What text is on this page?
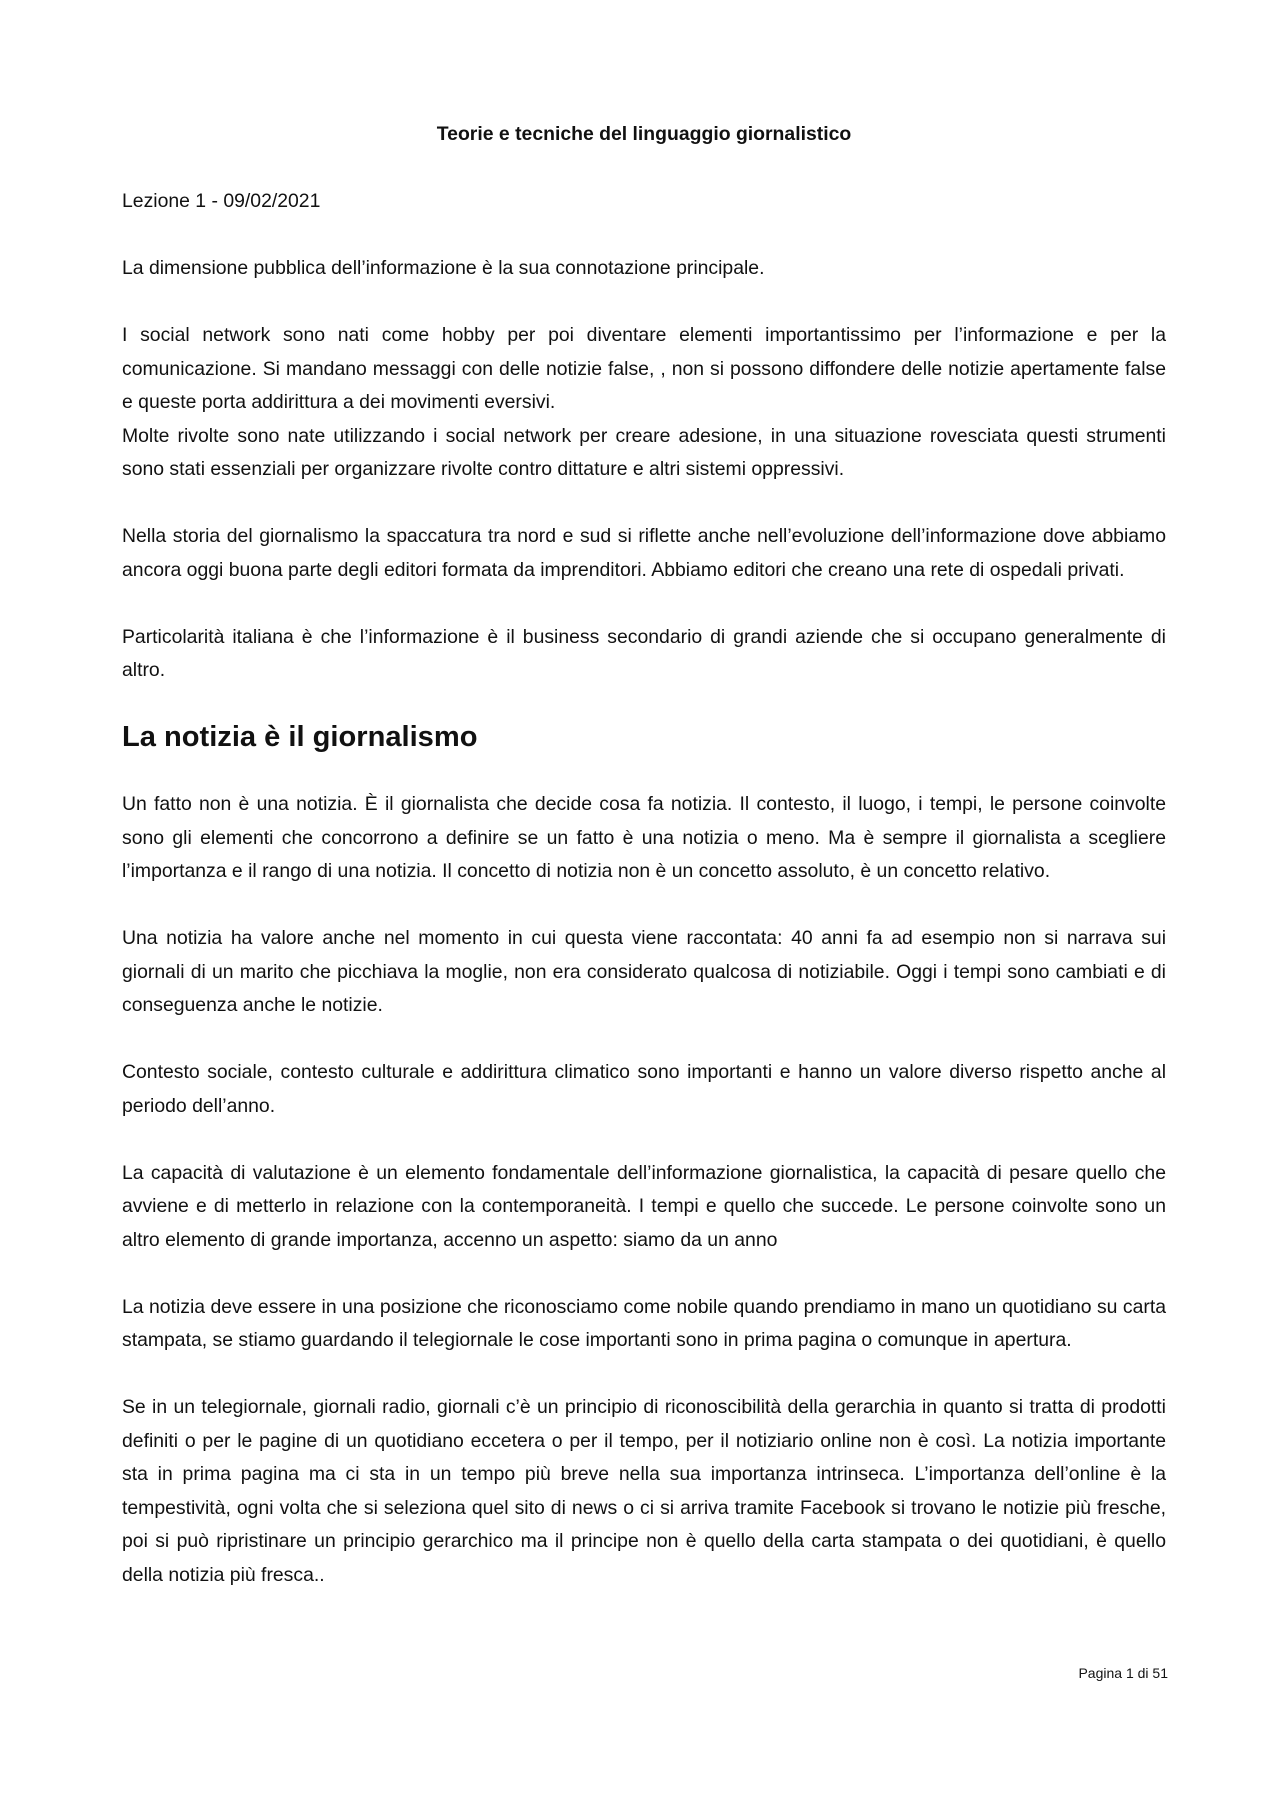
Teorie e tecniche del linguaggio giornalistico

Lezione 1 - 09/02/2021

La dimensione pubblica dell’informazione è la sua connotazione principale.

I social network sono nati come hobby per poi diventare elementi importantissimo per l’informazione e per la comunicazione. Si mandano messaggi con delle notizie false, , non si possono diffondere delle notizie apertamente false e queste porta addirittura a dei movimenti eversivi.

Molte rivolte sono nate utilizzando i social network per creare adesione, in una situazione rovesciata questi strumenti sono stati essenziali per organizzare rivolte contro dittature e altri sistemi oppressivi.

Nella storia del giornalismo la spaccatura tra nord e sud si riflette anche nell’evoluzione dell’informazione dove abbiamo ancora oggi buona parte degli editori formata da imprenditori. Abbiamo editori che creano una rete di ospedali privati.

Particolarità italiana è che l’informazione è il business secondario di grandi aziende che si occupano generalmente di altro.

La notizia è il giornalismo

Un fatto non è una notizia. È il giornalista che decide cosa fa notizia. Il contesto, il luogo, i tempi, le persone coinvolte sono gli elementi che concorrono a definire se un fatto è una notizia o meno. Ma è sempre il giornalista a scegliere l’importanza e il rango di una notizia. Il concetto di notizia non è un concetto assoluto, è un concetto relativo.

Una notizia ha valore anche nel momento in cui questa viene raccontata: 40 anni fa ad esempio non si narrava sui giornali di un marito che picchiava la moglie, non era considerato qualcosa di notiziabile. Oggi i tempi sono cambiati e di conseguenza anche le notizie.

Contesto sociale, contesto culturale e addirittura climatico sono importanti e hanno un valore diverso rispetto anche al periodo dell’anno.

La capacità di valutazione è un elemento fondamentale dell’informazione giornalistica, la capacità di pesare quello che avviene e di metterlo in relazione con la contemporaneità. I tempi e quello che succede. Le persone coinvolte sono un altro elemento di grande importanza, accenno un aspetto: siamo da un anno

La notizia deve essere in una posizione che riconosciamo come nobile quando prendiamo in mano un quotidiano su carta stampata, se stiamo guardando il telegiornale le cose importanti sono in prima pagina o comunque in apertura.

Se in un telegiornale, giornali radio, giornali c’è un principio di riconoscibilità della gerarchia in quanto si tratta di prodotti definiti o per le pagine di un quotidiano eccetera o per il tempo, per il notiziario online non è così. La notizia importante sta in prima pagina ma ci sta in un tempo più breve nella sua importanza intrinseca. L’importanza dell’online è la tempestività, ogni volta che si seleziona quel sito di news o ci si arriva tramite Facebook si trovano le notizie più fresche, poi si può ripristinare un principio gerarchico ma il principe non è quello della carta stampata o dei quotidiani, è quello della notizia più fresca..

Pagina 1 di 51
